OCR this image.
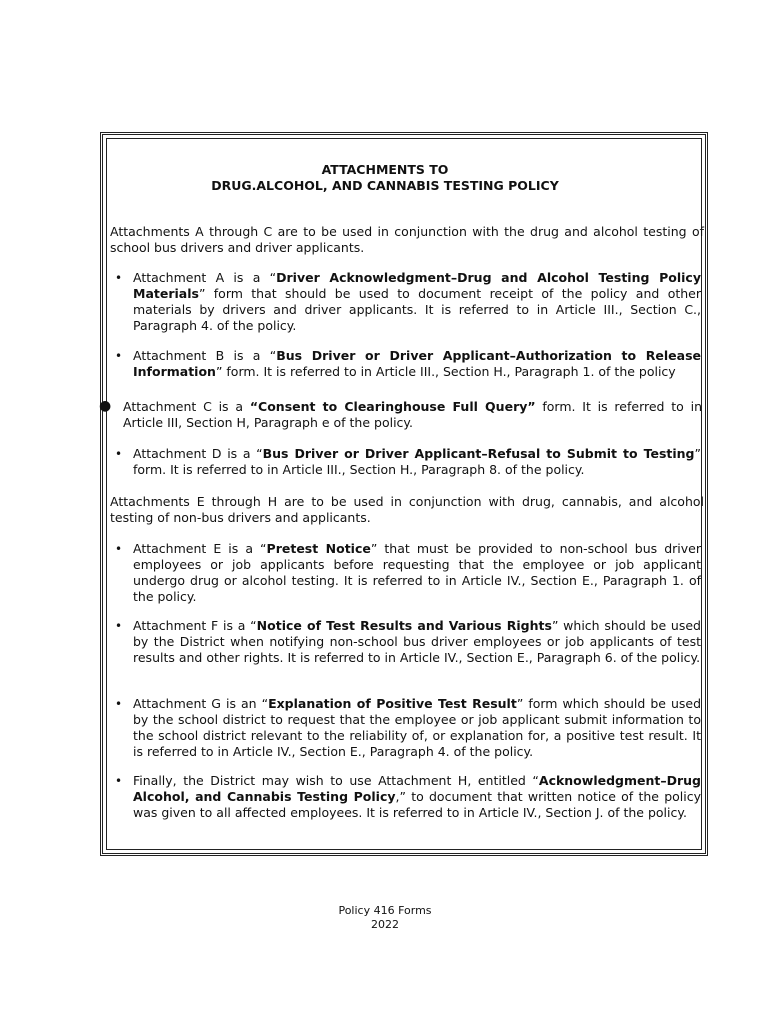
ATTACHMENTS TO
DRUG.ALCOHOL, AND CANNABIS TESTING POLICY
Attachments A through C are to be used in conjunction with the drug and alcohol testing of school bus drivers and driver applicants.
• Attachment A is a “Driver Acknowledgment–Drug and Alcohol Testing Policy Materials” form that should be used to document receipt of the policy and other materials by drivers and driver applicants. It is referred to in Article III., Section C., Paragraph 4. of the policy.
• Attachment B is a “Bus Driver or Driver Applicant–Authorization to Release Information” form. It is referred to in Article III., Section H., Paragraph 1. of the policy
● Attachment C is a “Consent to Clearinghouse Full Query” form. It is referred to in Article III, Section H, Paragraph e of the policy.
• Attachment D is a “Bus Driver or Driver Applicant–Refusal to Submit to Testing” form. It is referred to in Article III., Section H., Paragraph 8. of the policy.
Attachments E through H are to be used in conjunction with drug, cannabis, and alcohol testing of non-bus drivers and applicants.
• Attachment E is a “Pretest Notice” that must be provided to non-school bus driver employees or job applicants before requesting that the employee or job applicant undergo drug or alcohol testing. It is referred to in Article IV., Section E., Paragraph 1. of the policy.
• Attachment F is a “Notice of Test Results and Various Rights” which should be used by the District when notifying non-school bus driver employees or job applicants of test results and other rights. It is referred to in Article IV., Section E., Paragraph 6. of the policy.
• Attachment G is an “Explanation of Positive Test Result” form which should be used by the school district to request that the employee or job applicant submit information to the school district relevant to the reliability of, or explanation for, a positive test result. It is referred to in Article IV., Section E., Paragraph 4. of the policy.
• Finally, the District may wish to use Attachment H, entitled “Acknowledgment–Drug Alcohol, and Cannabis Testing Policy,” to document that written notice of the policy was given to all affected employees. It is referred to in Article IV., Section J. of the policy.
Policy 416 Forms
2022
